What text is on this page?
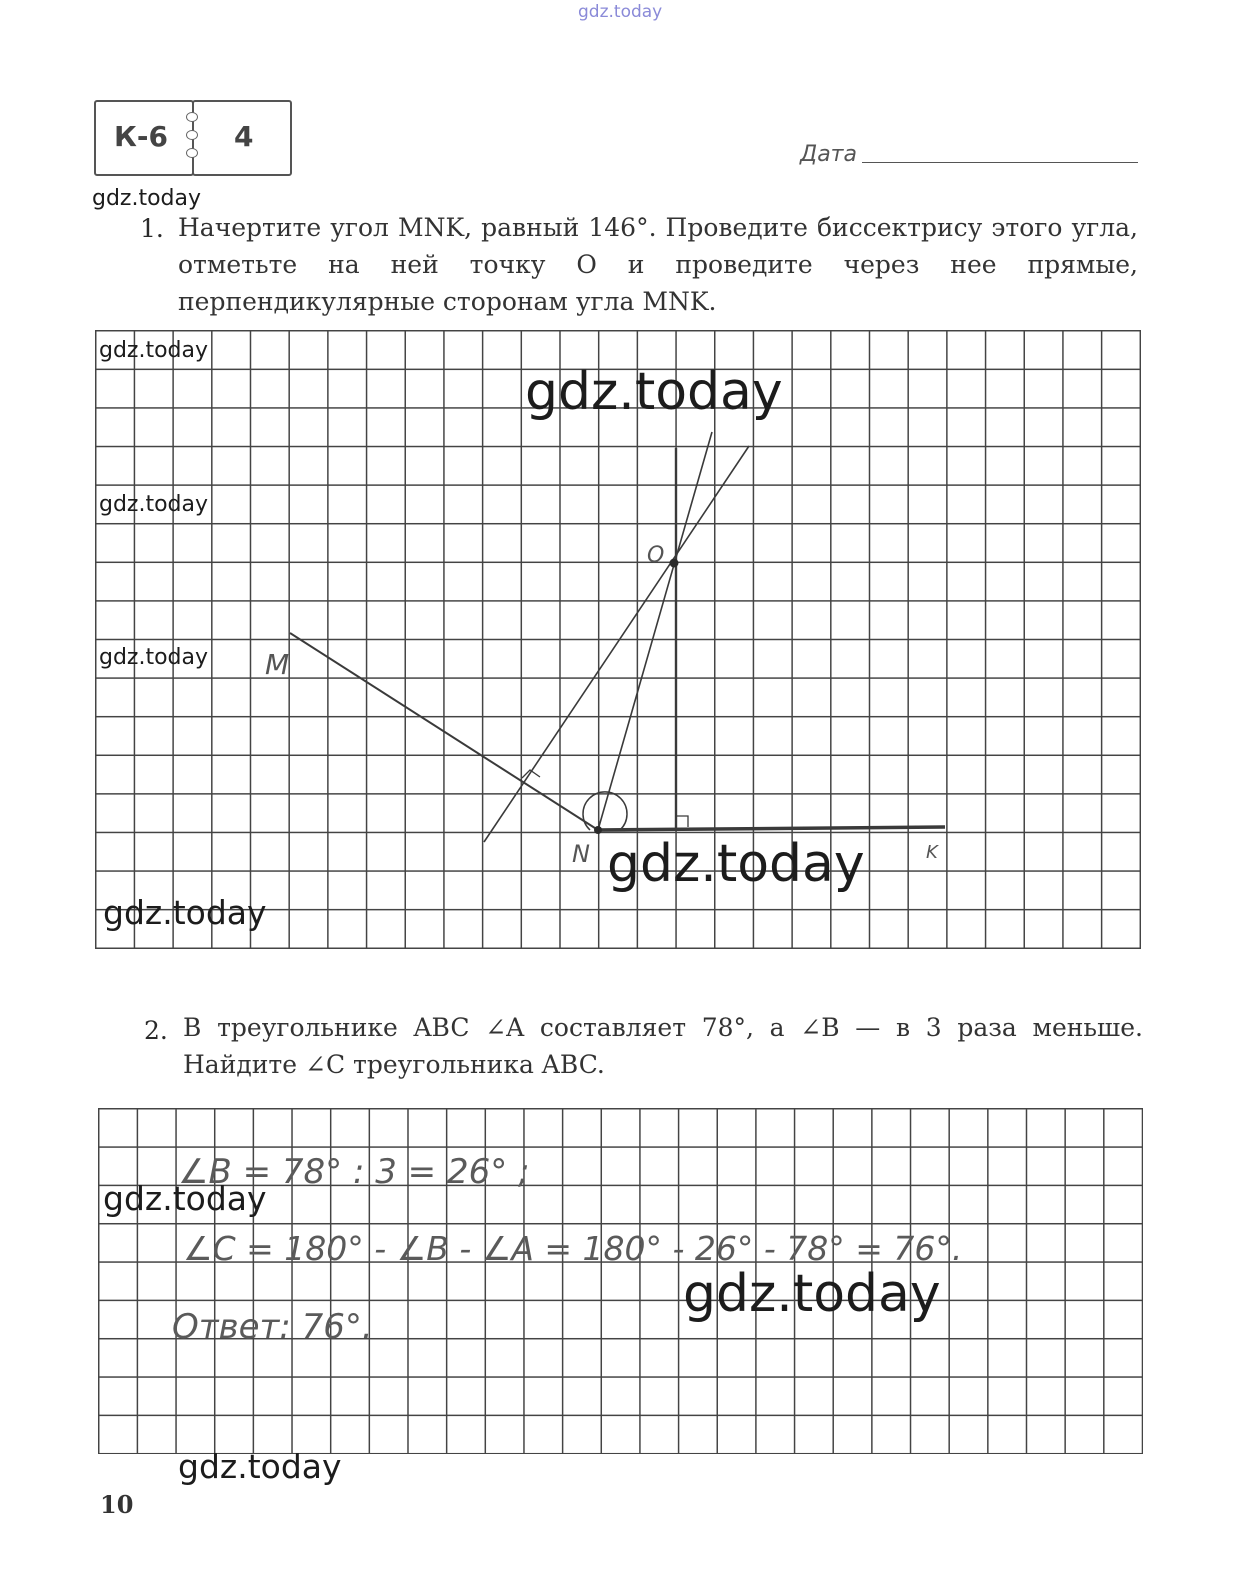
gdz.today
К-6 4
Дата
gdz.today
1. Начертите угол MNK, равный 146°. Проведите биссектрису этого угла, отметьте на ней точку O и проведите через нее прямые, перпендикулярные сторонам угла MNK.
M
N	K
O
gdz.today
gdz.today
gdz.today
gdz.today
gdz.today
gdz.today
2. В треугольнике ABC ∠A составляет 78°, а ∠B — в 3 раза меньше. Найдите ∠C треугольника ABC.
∠B = 78° : 3 = 26° ;
∠C = 180° - ∠B - ∠A = 180° - 26° - 78° = 76°.
Ответ: 76°.
gdz.today
gdz.today
gdz.today
10
